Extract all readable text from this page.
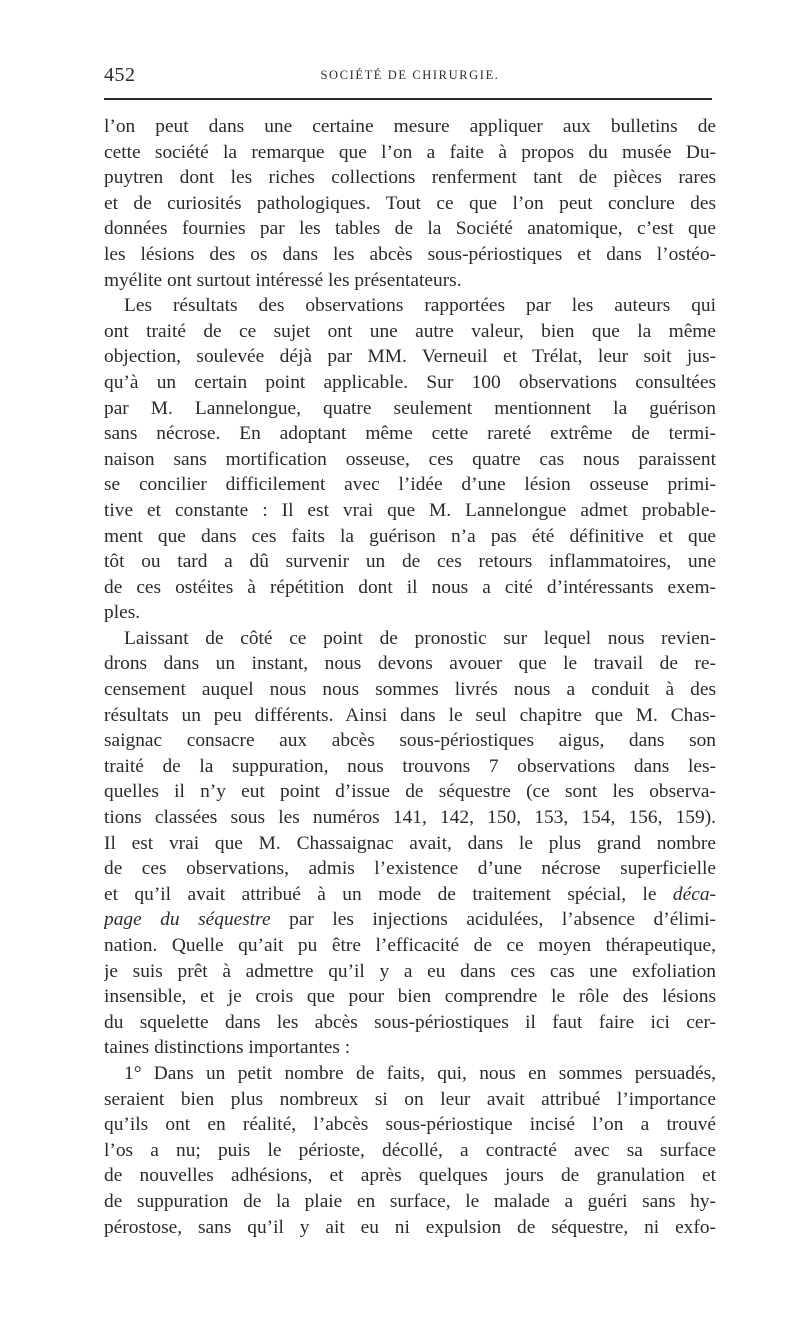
452	SOCIÉTÉ DE CHIRURGIE.
l’on peut dans une certaine mesure appliquer aux bulletins de
cette société la remarque que l’on a faite à propos du musée Du-
puytren dont les riches collections renferment tant de pièces rares
et de curiosités pathologiques. Tout ce que l’on peut conclure des
données fournies par les tables de la Société anatomique, c’est que
les lésions des os dans les abcès sous-périostiques et dans l’ostéo-
myélite ont surtout intéressé les présentateurs.
Les résultats des observations rapportées par les auteurs qui
ont traité de ce sujet ont une autre valeur, bien que la même
objection, soulevée déjà par MM. Verneuil et Trélat, leur soit jus-
qu’à un certain point applicable. Sur 100 observations consultées
par M. Lannelongue, quatre seulement mentionnent la guérison
sans nécrose. En adoptant même cette rareté extrême de termi-
naison sans mortification osseuse, ces quatre cas nous paraissent
se concilier difficilement avec l’idée d’une lésion osseuse primi-
tive et constante : Il est vrai que M. Lannelongue admet probable-
ment que dans ces faits la guérison n’a pas été définitive et que
tôt ou tard a dû survenir un de ces retours inflammatoires, une
de ces ostéites à répétition dont il nous a cité d’intéressants exem-
ples.
Laissant de côté ce point de pronostic sur lequel nous revien-
drons dans un instant, nous devons avouer que le travail de re-
censement auquel nous nous sommes livrés nous a conduit à des
résultats un peu différents. Ainsi dans le seul chapitre que M. Chas-
saignac consacre aux abcès sous-périostiques aigus, dans son
traité de la suppuration, nous trouvons 7 observations dans les-
quelles il n’y eut point d’issue de séquestre (ce sont les observa-
tions classées sous les numéros 141, 142, 150, 153, 154, 156, 159).
Il est vrai que M. Chassaignac avait, dans le plus grand nombre
de ces observations, admis l’existence d’une nécrose superficielle
et qu’il avait attribué à un mode de traitement spécial, le déca-
page du séquestre par les injections acidulées, l’absence d’élimi-
nation. Quelle qu’ait pu être l’efficacité de ce moyen thérapeutique,
je suis prêt à admettre qu’il y a eu dans ces cas une exfoliation
insensible, et je crois que pour bien comprendre le rôle des lésions
du squelette dans les abcès sous-périostiques il faut faire ici cer-
taines distinctions importantes :
1° Dans un petit nombre de faits, qui, nous en sommes persuadés,
seraient bien plus nombreux si on leur avait attribué l’importance
qu’ils ont en réalité, l’abcès sous-périostique incisé l’on a trouvé
l’os a nu; puis le périoste, décollé, a contracté avec sa surface
de nouvelles adhésions, et après quelques jours de granulation et
de suppuration de la plaie en surface, le malade a guéri sans hy-
pérostose, sans qu’il y ait eu ni expulsion de séquestre, ni exfo-
